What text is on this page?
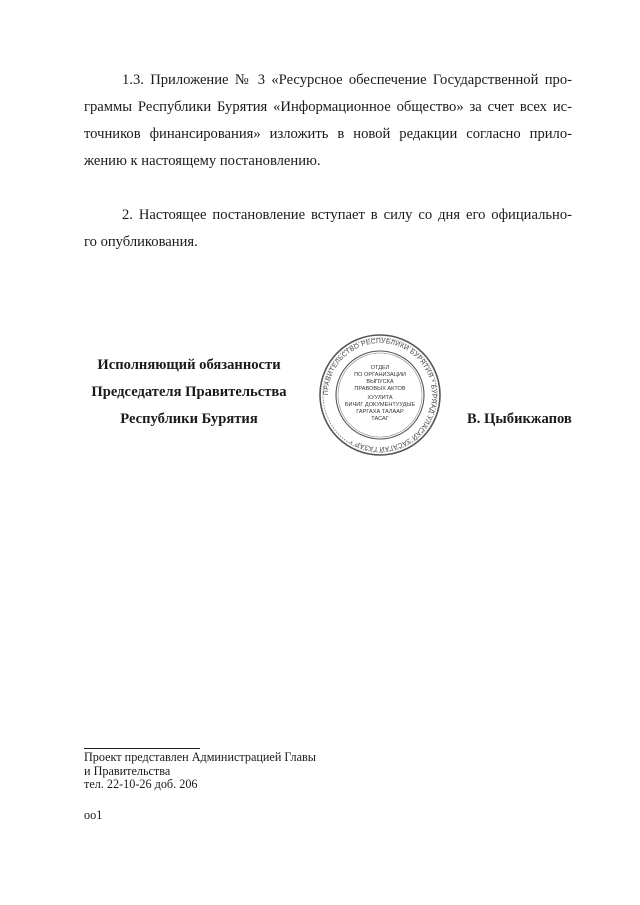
1.3. Приложение № 3 «Ресурсное обеспечение Государственной про-
граммы Республики Бурятия «Информационное общество» за счет всех ис-
точников финансирования» изложить в новой редакции согласно прило-
жению к настоящему постановлению.
2. Настоящее постановление вступает в силу со дня его официально-
го опубликования.
Исполняющий обязанности
Председателя Правительства
Республики Бурятия
ПРАВИТЕЛЬСТВО РЕСПУБЛИКИ БУРЯТИЯ * БУРЯАД УЛАСАЙ ЗАСАГАЙ ГАЗАР *
ОТДЕЛ
ПО ОРГАНИЗАЦИИ
ВЫПУСКА
ПРАВОВЫХ АКТОВ
ХУУЛИТА
БИЧИГ ДОКУМЕНТУУДЫЕ
ГАРГАХА ТАЛААР
ТАСАГ	В. Цыбикжапов
Проект представлен Администрацией Главы
и Правительства
тел. 22-10-26 доб. 206
оо1
